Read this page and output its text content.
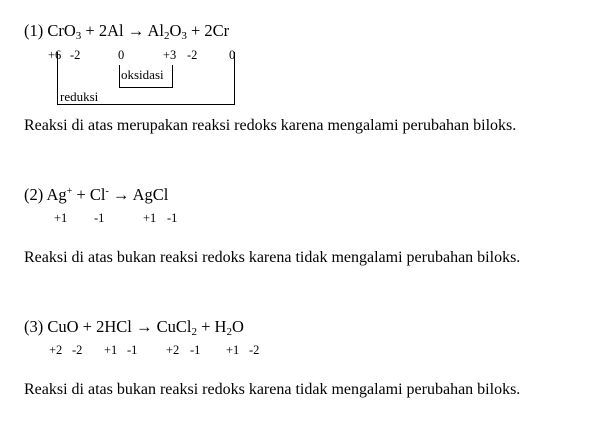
(1) $CrO_3 + 2Al \to Al_2O_3 + 2Cr$
+6 -2	0	+3 -2	0
oksidasi
reduksi
Reaksi di atas merupakan reaksi redoks karena mengalami perubahan biloks.
(2) Ag+ + Cl- → AgCl
+1 -1	+1 -1
Reaksi di atas bukan reaksi redoks karena tidak mengalami perubahan biloks.
(3) CuO + 2HCl → CuCl$_2$ + $H_2O$
+2 -2 +1 -1 +2 -1 +1 -2
Reaksi di atas bukan reaksi redoks karena tidak mengalami perubahan biloks.
